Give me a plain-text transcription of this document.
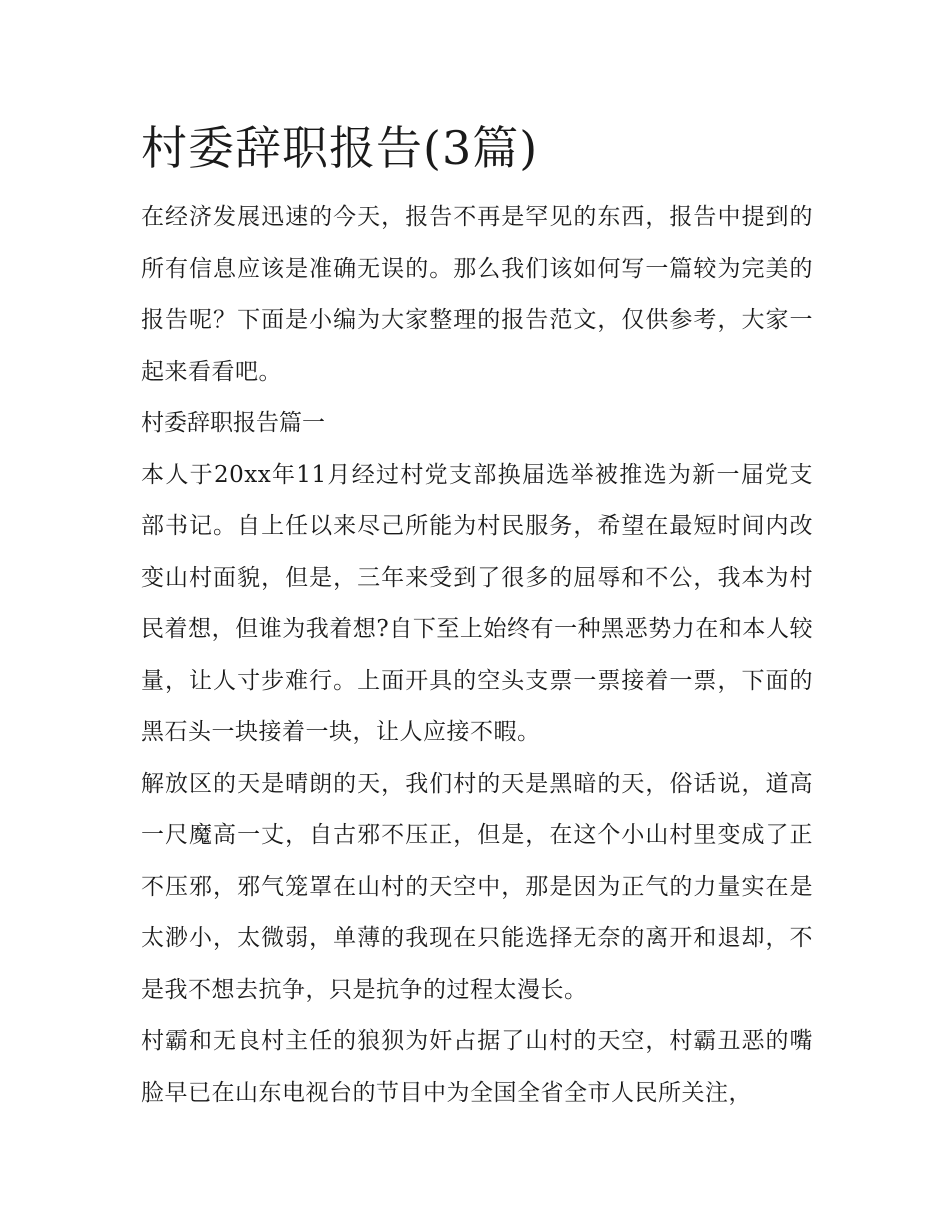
村委辞职报告(3篇)

在经济发展迅速的今天，报告不再是罕见的东西，报告中提到的所有信息应该是准确无误的。那么我们该如何写一篇较为完美的报告呢？下面是小编为大家整理的报告范文，仅供参考，大家一起来看看吧。

村委辞职报告篇一

本人于20xx年11月经过村党支部换届选举被推选为新一届党支部书记。自上任以来尽己所能为村民服务，希望在最短时间内改变山村面貌，但是，三年来受到了很多的屈辱和不公，我本为村民着想，但谁为我着想?自下至上始终有一种黑恶势力在和本人较量，让人寸步难行。上面开具的空头支票一票接着一票，下面的黑石头一块接着一块，让人应接不暇。

解放区的天是晴朗的天，我们村的天是黑暗的天，俗话说，道高一尺魔高一丈，自古邪不压正，但是，在这个小山村里变成了正不压邪，邪气笼罩在山村的天空中，那是因为正气的力量实在是太渺小，太微弱，单薄的我现在只能选择无奈的离开和退却，不是我不想去抗争，只是抗争的过程太漫长。

村霸和无良村主任的狼狈为奸占据了山村的天空，村霸丑恶的嘴脸早已在山东电视台的节目中为全国全省全市人民所关注，
